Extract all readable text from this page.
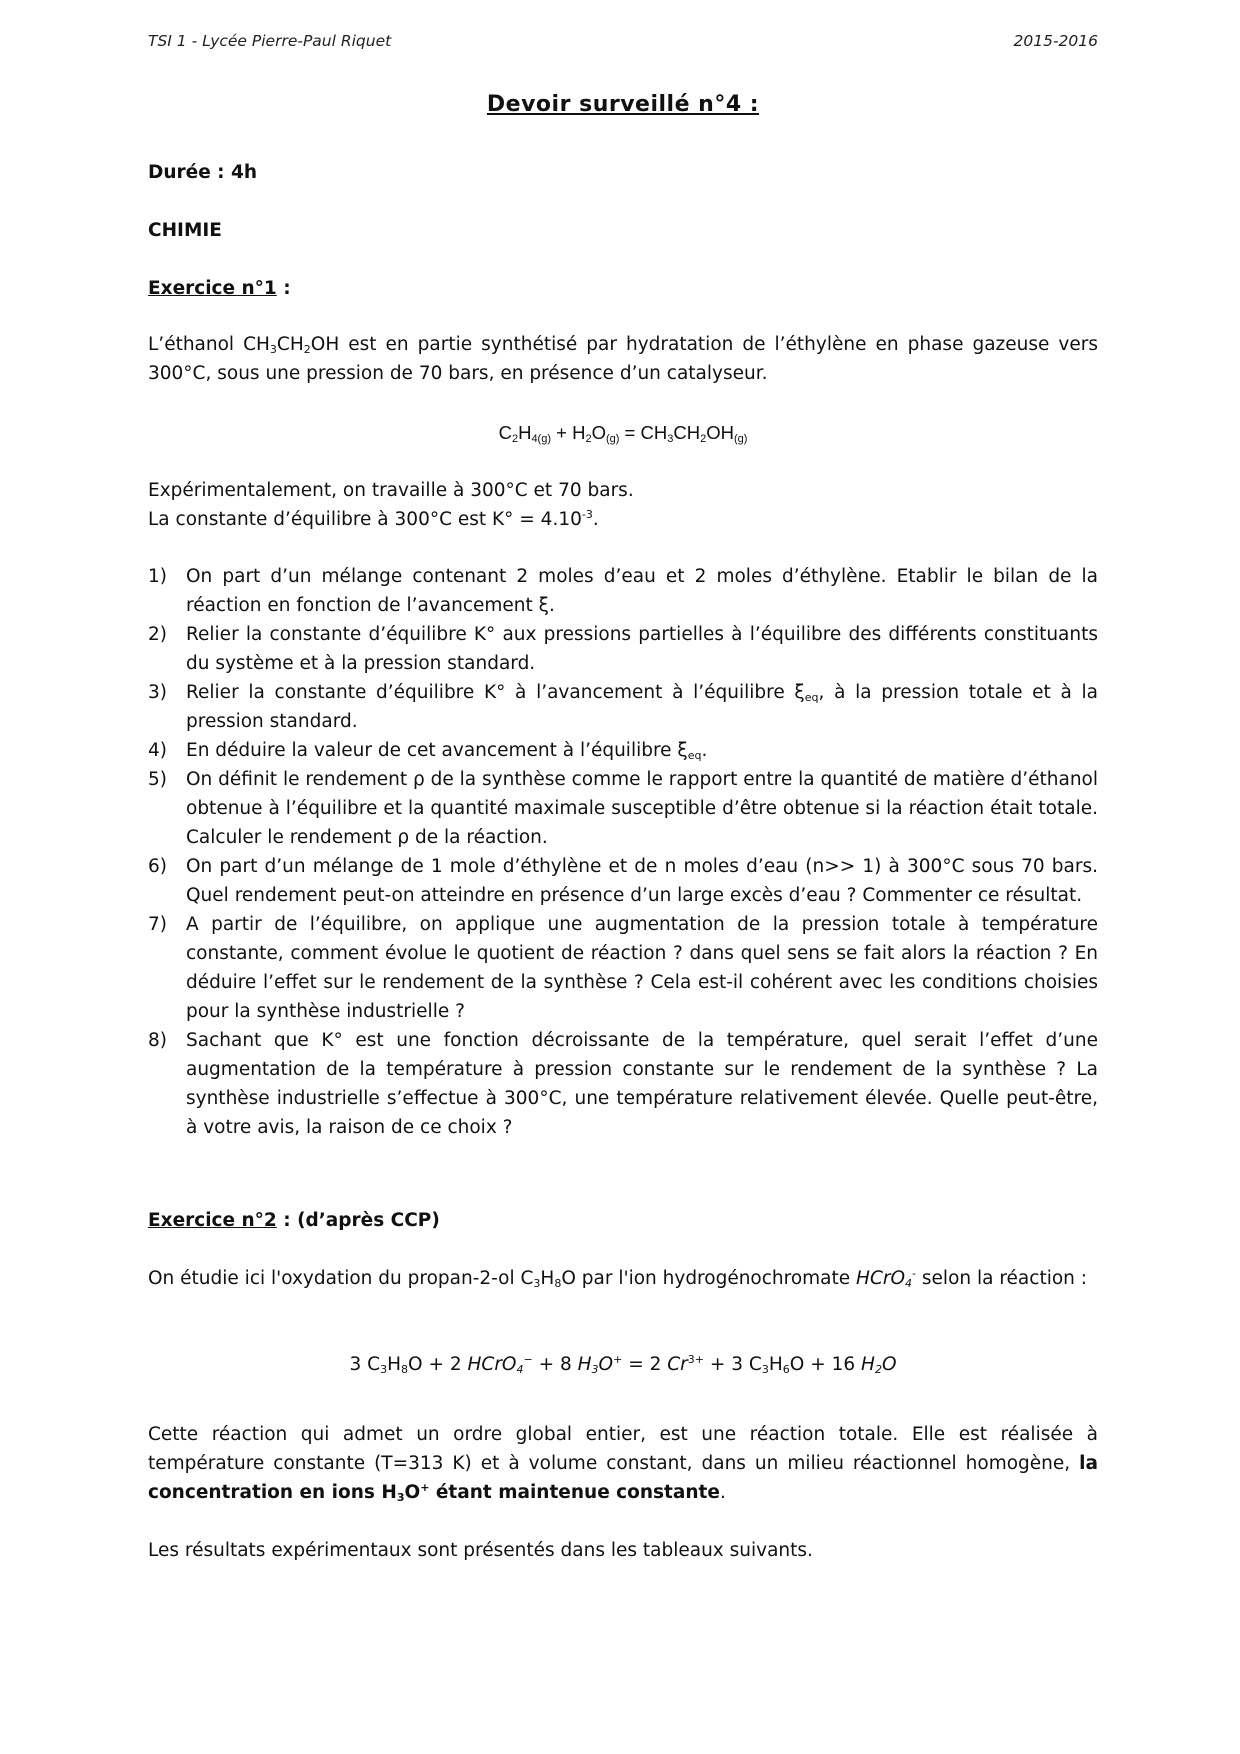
TSI 1 - Lycée Pierre-Paul Riquet	2015-2016
Devoir surveillé n°4 :
Durée : 4h
CHIMIE
Exercice n°1 :
L’éthanol $CH_3CH_2OH$ est en partie synthétisé par hydratation de l’éthylène en phase gazeuse vers 300°C, sous une pression de 70 bars, en présence d’un catalyseur.
$C_2H_{4(g)} + H_2O_{(g)} = CH_3CH_2OH_{(g)}$
Expérimentalement, on travaille à 300°C et 70 bars.
La constante d’équilibre à 300°C est $K^\circ = 4.10^{-3}$.
1) On part d’un mélange contenant 2 moles d’eau et 2 moles d’éthylène. Etablir le bilan de la réaction en fonction de l’avancement ξ.
2) Relier la constante d’équilibre K° aux pressions partielles à l’équilibre des différents constituants du système et à la pression standard.
3) Relier la constante d’équilibre K° à l’avancement à l’équilibre $\xi_{eq}$, à la pression totale et à la pression standard.
4) En déduire la valeur de cet avancement à l’équilibre $\xi_{eq}$.
5) On définit le rendement ρ de la synthèse comme le rapport entre la quantité de matière d’éthanol obtenue à l’équilibre et la quantité maximale susceptible d’être obtenue si la réaction était totale. Calculer le rendement ρ de la réaction.
6) On part d’un mélange de 1 mole d’éthylène et de n moles d’eau (n>> 1) à 300°C sous 70 bars. Quel rendement peut-on atteindre en présence d’un large excès d’eau ? Commenter ce résultat.
7) A partir de l’équilibre, on applique une augmentation de la pression totale à température constante, comment évolue le quotient de réaction ? dans quel sens se fait alors la réaction ? En déduire l’effet sur le rendement de la synthèse ? Cela est-il cohérent avec les conditions choisies pour la synthèse industrielle ?
8) Sachant que K° est une fonction décroissante de la température, quel serait l’effet d’une augmentation de la température à pression constante sur le rendement de la synthèse ? La synthèse industrielle s’effectue à 300°C, une température relativement élevée. Quelle peut-être, à votre avis, la raison de ce choix ?
Exercice n°2 : (d’après CCP)
On étudie ici l'oxydation du propan-2-ol $C_3H_8O$ par l'ion hydrogénochromate HCrO$_4$- selon la réaction :
3 $C_3H_8O + 2$ HCrO$_4$− + 8 $H_3O^+ = 2$ $Cr^{3+} + 3$ $C_3H_6O + 16$ $H_2O$
Cette réaction qui admet un ordre global entier, est une réaction totale. Elle est réalisée à température constante (T=313 K) et à volume constant, dans un milieu réactionnel homogène, la concentration en ions $H_3O^+$ étant maintenue constante.
Les résultats expérimentaux sont présentés dans les tableaux suivants.
